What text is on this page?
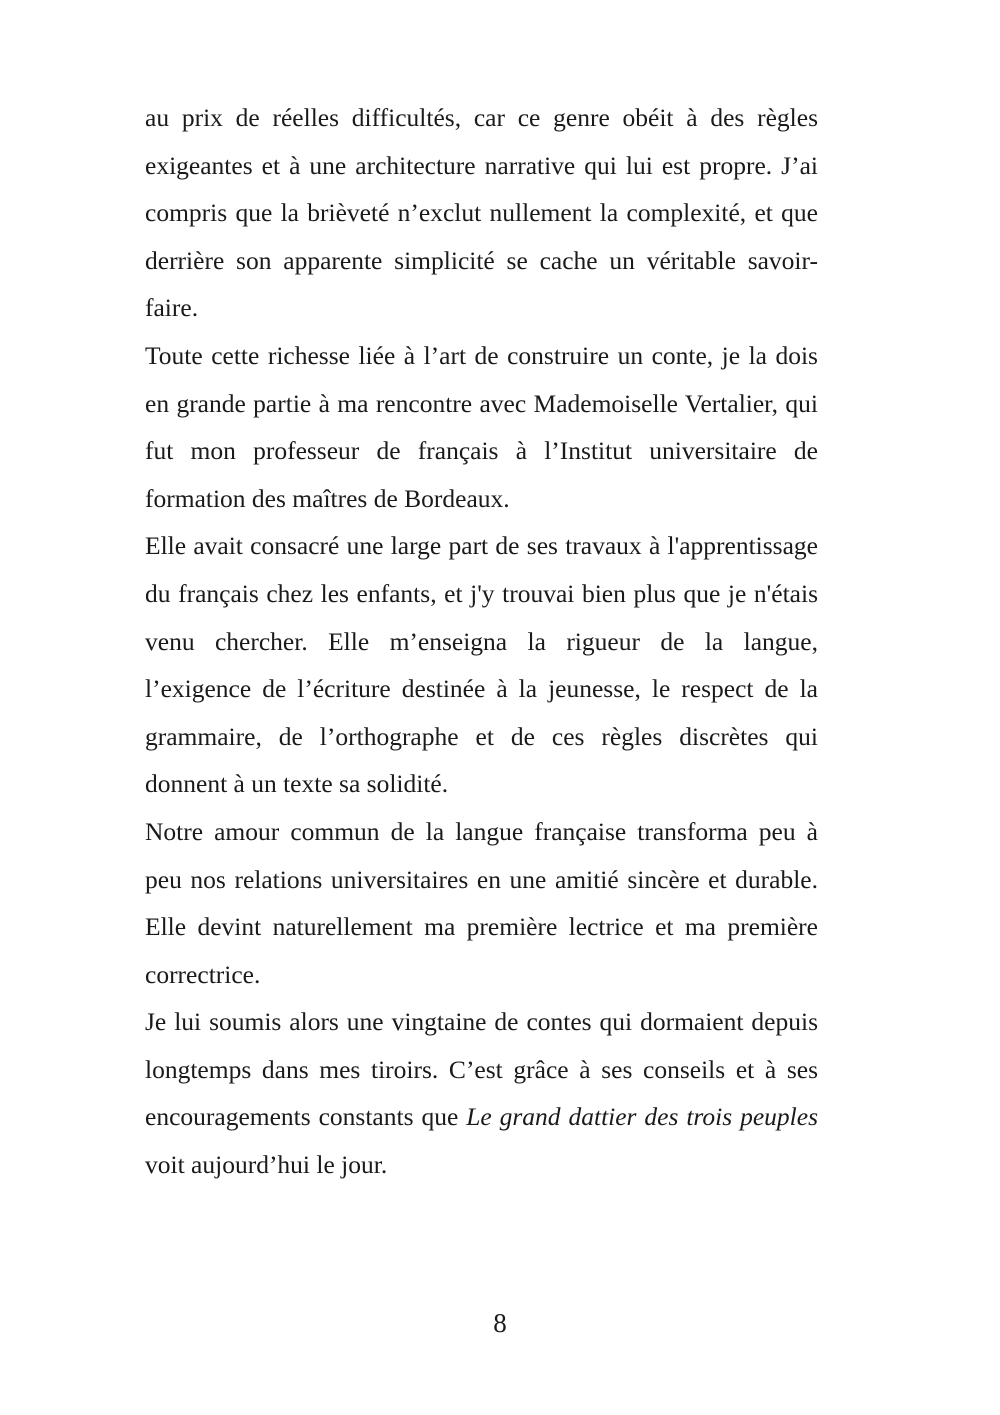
au prix de réelles difficultés, car ce genre obéit à des règles exigeantes et à une architecture narrative qui lui est propre. J’ai compris que la brièveté n’exclut nullement la complexité, et que derrière son apparente simplicité se cache un véritable savoir-faire.

Toute cette richesse liée à l’art de construire un conte, je la dois en grande partie à ma rencontre avec Mademoiselle Vertalier, qui fut mon professeur de français à l’Institut universitaire de formation des maîtres de Bordeaux.

Elle avait consacré une large part de ses travaux à l'apprentissage du français chez les enfants, et j'y trouvai bien plus que je n'étais venu chercher. Elle m’enseigna la rigueur de la langue, l’exigence de l’écriture destinée à la jeunesse, le respect de la grammaire, de l’orthographe et de ces règles discrètes qui donnent à un texte sa solidité.

Notre amour commun de la langue française transforma peu à peu nos relations universitaires en une amitié sincère et durable. Elle devint naturellement ma première lectrice et ma première correctrice.

Je lui soumis alors une vingtaine de contes qui dormaient depuis longtemps dans mes tiroirs. C’est grâce à ses conseils et à ses encouragements constants que Le grand dattier des trois peuples voit aujourd’hui le jour.

8
